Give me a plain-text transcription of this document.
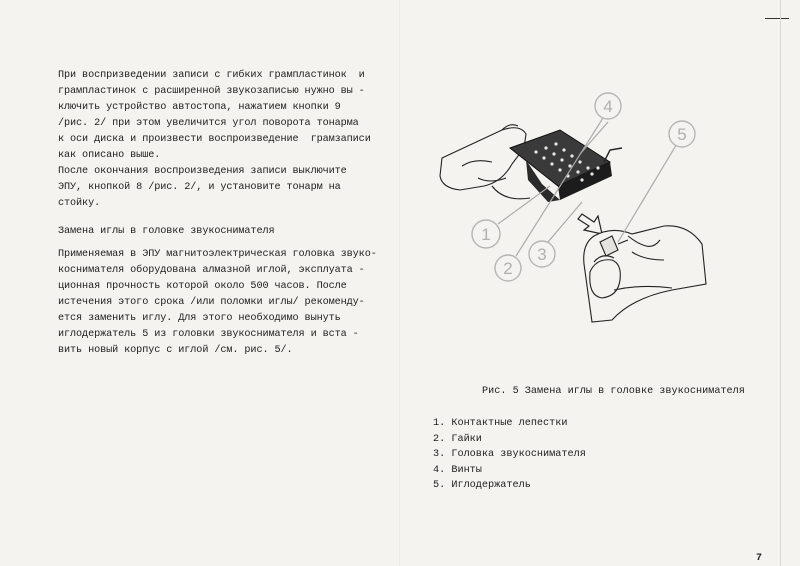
При воспризведении записи с гибких грампластинок  и
грампластинок с расширенной звукозаписью нужно вы -
ключить устройство автостопа, нажатием кнопки 9
/рис. 2/ при этом увеличится угол поворота тонарма
к оси диска и произвести воспроизведение  грамзаписи
как описано выше.
После окончания воспроизведения записи выключите
ЭПУ, кнопкой 8 /рис. 2/, и установите тонарм на
стойку.
Замена иглы в головке звукоснимателя
Применяемая в ЭПУ магнитоэлектрическая головка звуко-
коснимателя оборудована алмазной иглой, эксплуата -
ционная прочность которой около 500 часов. После
истечения этого срока /или поломки иглы/ рекоменду-
ется заменить иглу. Для этого необходимо вынуть
иглодержатель 5 из головки звукоснимателя и вста -
вить новый корпус с иглой /см. рис. 5/.
1
2
3
4
5
Рис. 5 Замена иглы в головке звукоснимателя
1. Контактные лепестки
2. Гайки
3. Головка звукоснимателя
4. Винты
5. Иглодержатель
7
